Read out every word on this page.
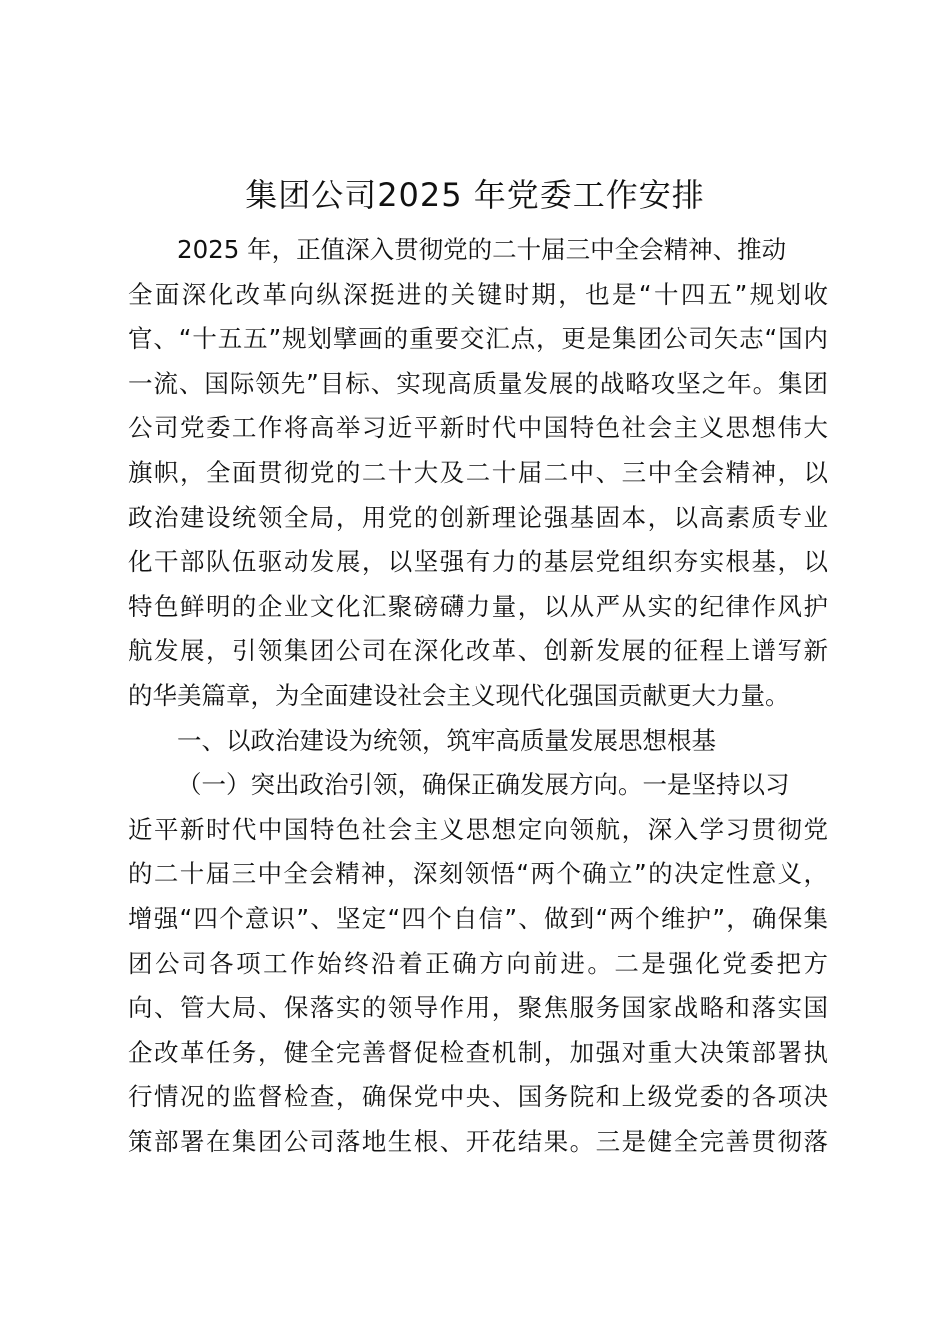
集团公司2025 年党委工作安排
2025 年，正值深入贯彻党的二十届三中全会精神、推动
全面深化改革向纵深挺进的关键时期，也是“十四五”规划收
官、“十五五”规划擘画的重要交汇点，更是集团公司矢志“国内
一流、国际领先”目标、实现高质量发展的战略攻坚之年。集团
公司党委工作将高举习近平新时代中国特色社会主义思想伟大
旗帜，全面贯彻党的二十大及二十届二中、三中全会精神，以
政治建设统领全局，用党的创新理论强基固本，以高素质专业
化干部队伍驱动发展，以坚强有力的基层党组织夯实根基，以
特色鲜明的企业文化汇聚磅礴力量，以从严从实的纪律作风护
航发展，引领集团公司在深化改革、创新发展的征程上谱写新
的华美篇章，为全面建设社会主义现代化强国贡献更大力量。
一、以政治建设为统领，筑牢高质量发展思想根基
（一）突出政治引领，确保正确发展方向。一是坚持以习
近平新时代中国特色社会主义思想定向领航，深入学习贯彻党
的二十届三中全会精神，深刻领悟“两个确立”的决定性意义，
增强“四个意识”、坚定“四个自信”、做到“两个维护”，确保集
团公司各项工作始终沿着正确方向前进。二是强化党委把方
向、管大局、保落实的领导作用，聚焦服务国家战略和落实国
企改革任务，健全完善督促检查机制，加强对重大决策部署执
行情况的监督检查，确保党中央、国务院和上级党委的各项决
策部署在集团公司落地生根、开花结果。三是健全完善贯彻落
